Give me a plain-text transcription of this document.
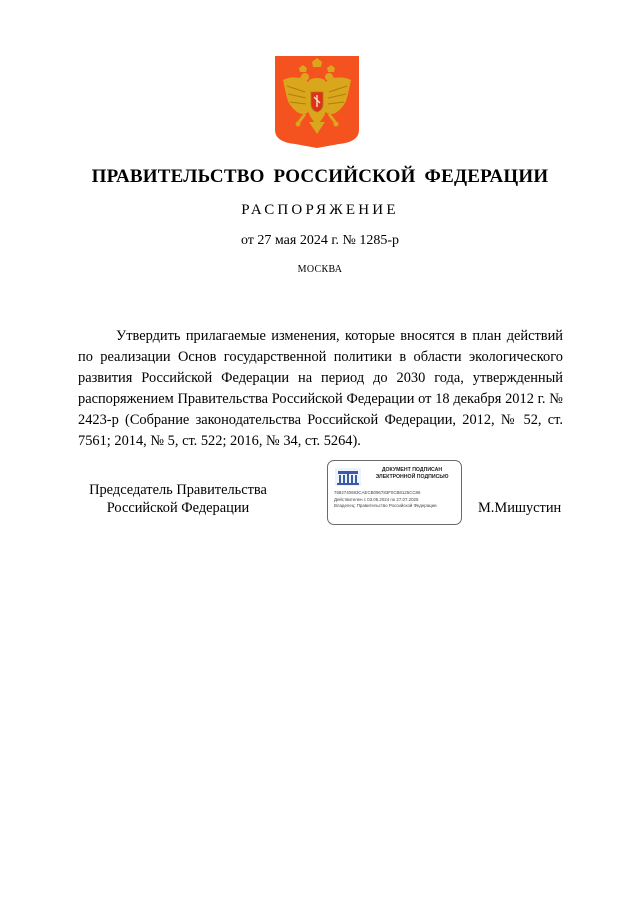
ПРАВИТЕЛЬСТВО РОССИЙСКОЙ ФЕДЕРАЦИИ
РАСПОРЯЖЕНИЕ
от 27 мая 2024 г. № 1285-р
МОСКВА

Утвердить прилагаемые изменения, которые вносятся в план действий по реализации Основ государственной политики в области экологического развития Российской Федерации на период до 2030 года, утвержденный распоряжением Правительства Российской Федерации от 18 декабря 2012 г. № 2423-р (Собрание законодательства Российской Федерации, 2012, № 52, ст. 7561; 2014, № 5, ст. 522; 2016, № 34, ст. 5264).

Председатель Правительства
Российской Федерации
ДОКУМЕНТ ПОДПИСАН
ЭЛЕКТРОННОЙ ПОДПИСЬЮ
7682740693CAECB096783F0CB8125CC86
Действителен с 03.05.2024 по 27.07.2025
Владелец: Правительство Российской Федерации	М.Мишустин
